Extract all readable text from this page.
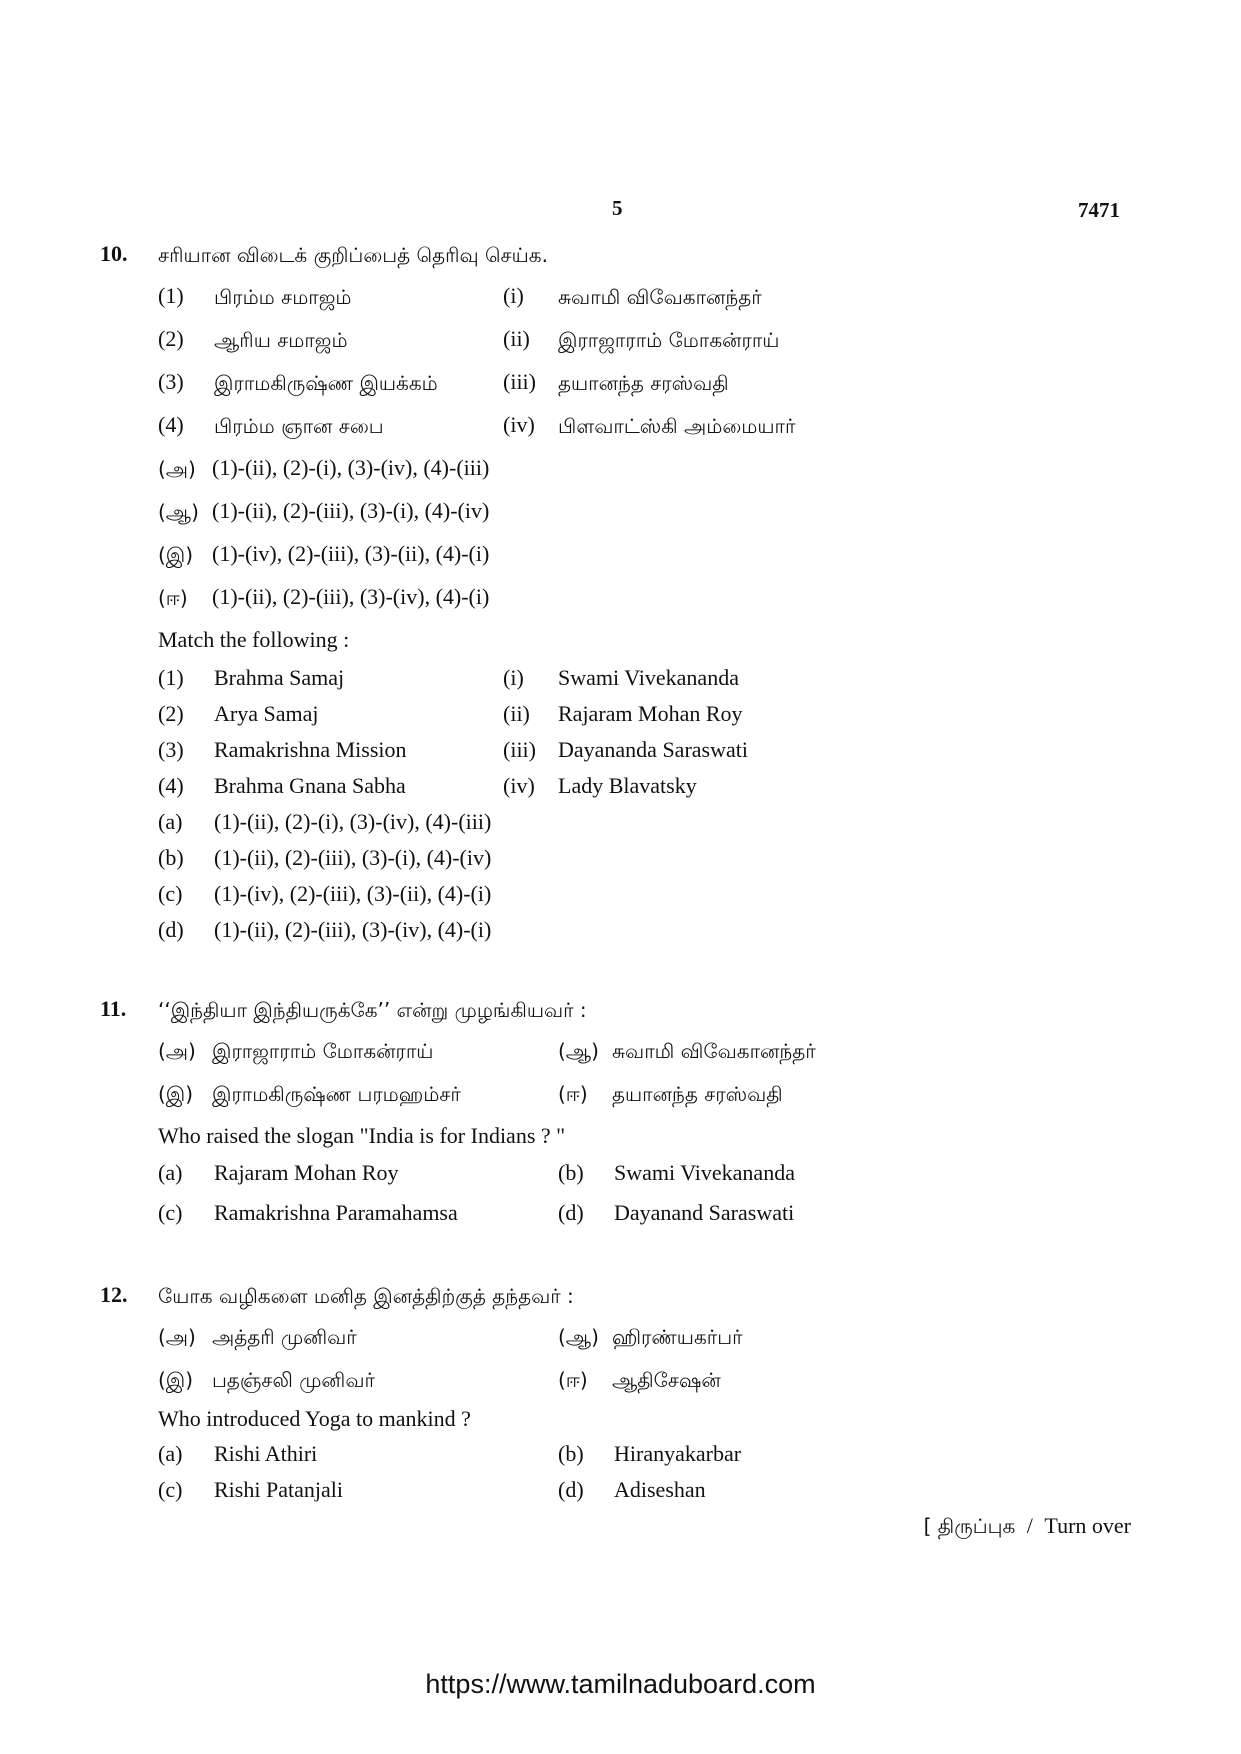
5	7471
10. சரியான விடைக் குறிப்பைத் தெரிவு செய்க.
(1) பிரம்ம சமாஜம்	(i) சுவாமி விவேகானந்தர்
(2) ஆரிய சமாஜம்	(ii) இராஜாராம் மோகன்ராய்
(3) இராமகிருஷ்ண இயக்கம்	(iii) தயானந்த சரஸ்வதி
(4) பிரம்ம ஞான சபை	(iv) பிளவாட்ஸ்கி அம்மையார்
(அ) (1)-(ii), (2)-(i), (3)-(iv), (4)-(iii)
(ஆ) (1)-(ii), (2)-(iii), (3)-(i), (4)-(iv)
(இ) (1)-(iv), (2)-(iii), (3)-(ii), (4)-(i)
(ஈ) (1)-(ii), (2)-(iii), (3)-(iv), (4)-(i)
Match the following :
(1) Brahma Samaj	(i) Swami Vivekananda
(2) Arya Samaj	(ii) Rajaram Mohan Roy
(3) Ramakrishna Mission	(iii) Dayananda Saraswati
(4) Brahma Gnana Sabha	(iv) Lady Blavatsky
(a) (1)-(ii), (2)-(i), (3)-(iv), (4)-(iii)
(b) (1)-(ii), (2)-(iii), (3)-(i), (4)-(iv)
(c) (1)-(iv), (2)-(iii), (3)-(ii), (4)-(i)
(d) (1)-(ii), (2)-(iii), (3)-(iv), (4)-(i)
11. ‘‘இந்தியா இந்தியருக்கே’’ என்று முழங்கியவர் :
(அ) இராஜாராம் மோகன்ராய்	(ஆ) சுவாமி விவேகானந்தர்
(இ) இராமகிருஷ்ண பரமஹம்சர்	(ஈ) தயானந்த சரஸ்வதி
Who raised the slogan "India is for Indians ? "
(a) Rajaram Mohan Roy	(b) Swami Vivekananda
(c) Ramakrishna Paramahamsa	(d) Dayanand Saraswati
12. யோக வழிகளை மனித இனத்திற்குத் தந்தவர் :
(அ) அத்தரி முனிவர்	(ஆ) ஹிரண்யகர்பர்
(இ) பதஞ்சலி முனிவர்	(ஈ) ஆதிசேஷன்
Who introduced Yoga to mankind ?
(a) Rishi Athiri	(b) Hiranyakarbar
(c) Rishi Patanjali	(d) Adiseshan
[ திருப்புக / Turn over
https://www.tamilnaduboard.com
